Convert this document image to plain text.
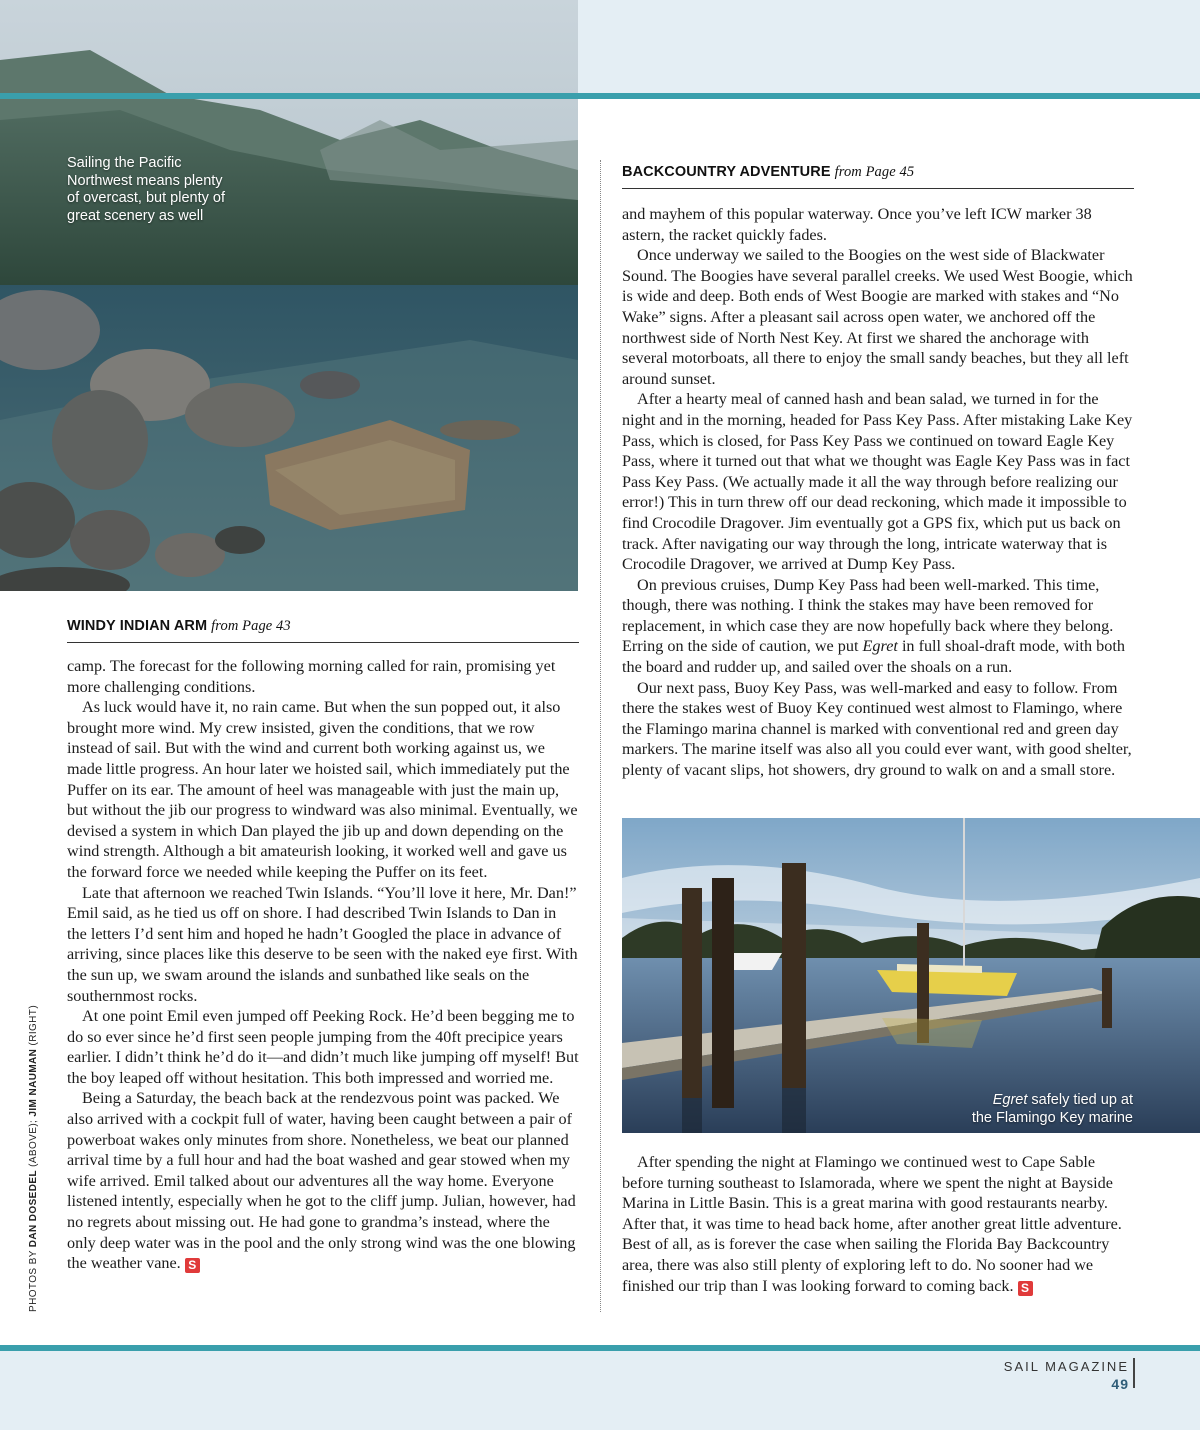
Sailing the Pacific Northwest means plenty of overcast, but plenty of great scenery as well
WINDY INDIAN ARM from Page 43

camp. The forecast for the following morning called for rain, promising yet more challenging conditions.

As luck would have it, no rain came. But when the sun popped out, it also brought more wind. My crew insisted, given the conditions, that we row instead of sail. But with the wind and current both working against us, we made little progress. An hour later we hoisted sail, which immediately put the Puffer on its ear. The amount of heel was manageable with just the main up, but without the jib our progress to windward was also minimal. Eventually, we devised a system in which Dan played the jib up and down depending on the wind strength. Although a bit amateurish looking, it worked well and gave us the forward force we needed while keeping the Puffer on its feet.

Late that afternoon we reached Twin Islands. “You’ll love it here, Mr. Dan!” Emil said, as he tied us off on shore. I had described Twin Islands to Dan in the letters I’d sent him and hoped he hadn’t Googled the place in advance of arriving, since places like this deserve to be seen with the naked eye first. With the sun up, we swam around the islands and sunbathed like seals on the southernmost rocks.

At one point Emil even jumped off Peeking Rock. He’d been begging me to do so ever since he’d first seen people jumping from the 40ft precipice years earlier. I didn’t think he’d do it—and didn’t much like jumping off myself! But the boy leaped off without hesitation. This both impressed and worried me.

Being a Saturday, the beach back at the rendezvous point was packed. We also arrived with a cockpit full of water, having been caught between a pair of powerboat wakes only minutes from shore. Nonetheless, we beat our planned arrival time by a full hour and had the boat washed and gear stowed when my wife arrived. Emil talked about our adventures all the way home. Everyone listened intently, especially when he got to the cliff jump. Julian, however, had no regrets about missing out. He had gone to grandma’s instead, where the only deep water was in the pool and the only strong wind was the one blowing the weather vane. S

BACKCOUNTRY ADVENTURE from Page 45

and mayhem of this popular waterway. Once you’ve left ICW marker 38 astern, the racket quickly fades.

Once underway we sailed to the Boogies on the west side of Blackwater Sound. The Boogies have several parallel creeks. We used West Boogie, which is wide and deep. Both ends of West Boogie are marked with stakes and “No Wake” signs. After a pleasant sail across open water, we anchored off the northwest side of North Nest Key. At first we shared the anchorage with several motorboats, all there to enjoy the small sandy beaches, but they all left around sunset.

After a hearty meal of canned hash and bean salad, we turned in for the night and in the morning, headed for Pass Key Pass. After mistaking Lake Key Pass, which is closed, for Pass Key Pass we continued on toward Eagle Key Pass, where it turned out that what we thought was Eagle Key Pass was in fact Pass Key Pass. (We actually made it all the way through before realizing our error!) This in turn threw off our dead reckoning, which made it impossible to find Crocodile Dragover. Jim eventually got a GPS fix, which put us back on track. After navigating our way through the long, intricate waterway that is Crocodile Dragover, we arrived at Dump Key Pass.

On previous cruises, Dump Key Pass had been well-marked. This time, though, there was nothing. I think the stakes may have been removed for replacement, in which case they are now hopefully back where they belong. Erring on the side of caution, we put Egret in full shoal-draft mode, with both the board and rudder up, and sailed over the shoals on a run.

Our next pass, Buoy Key Pass, was well-marked and easy to follow. From there the stakes west of Buoy Key continued west almost to Flamingo, where the Flamingo marina channel is marked with conventional red and green day markers. The marine itself was also all you could ever want, with good shelter, plenty of vacant slips, hot showers, dry ground to walk on and a small store.

Egret safely tied up at
the Flamingo Key marine

After spending the night at Flamingo we continued west to Cape Sable before turning southeast to Islamorada, where we spent the night at Bayside Marina in Little Basin. This is a great marina with good restaurants nearby. After that, it was time to head back home, after another great little adventure. Best of all, as is forever the case when sailing the Florida Bay Backcountry area, there was also still plenty of exploring left to do. No sooner had we finished our trip than I was looking forward to coming back. S

PHOTOS BY DAN DOSEDEL (ABOVE); JIM NAUMAN (RIGHT)
SAIL MAGAZINE
49
